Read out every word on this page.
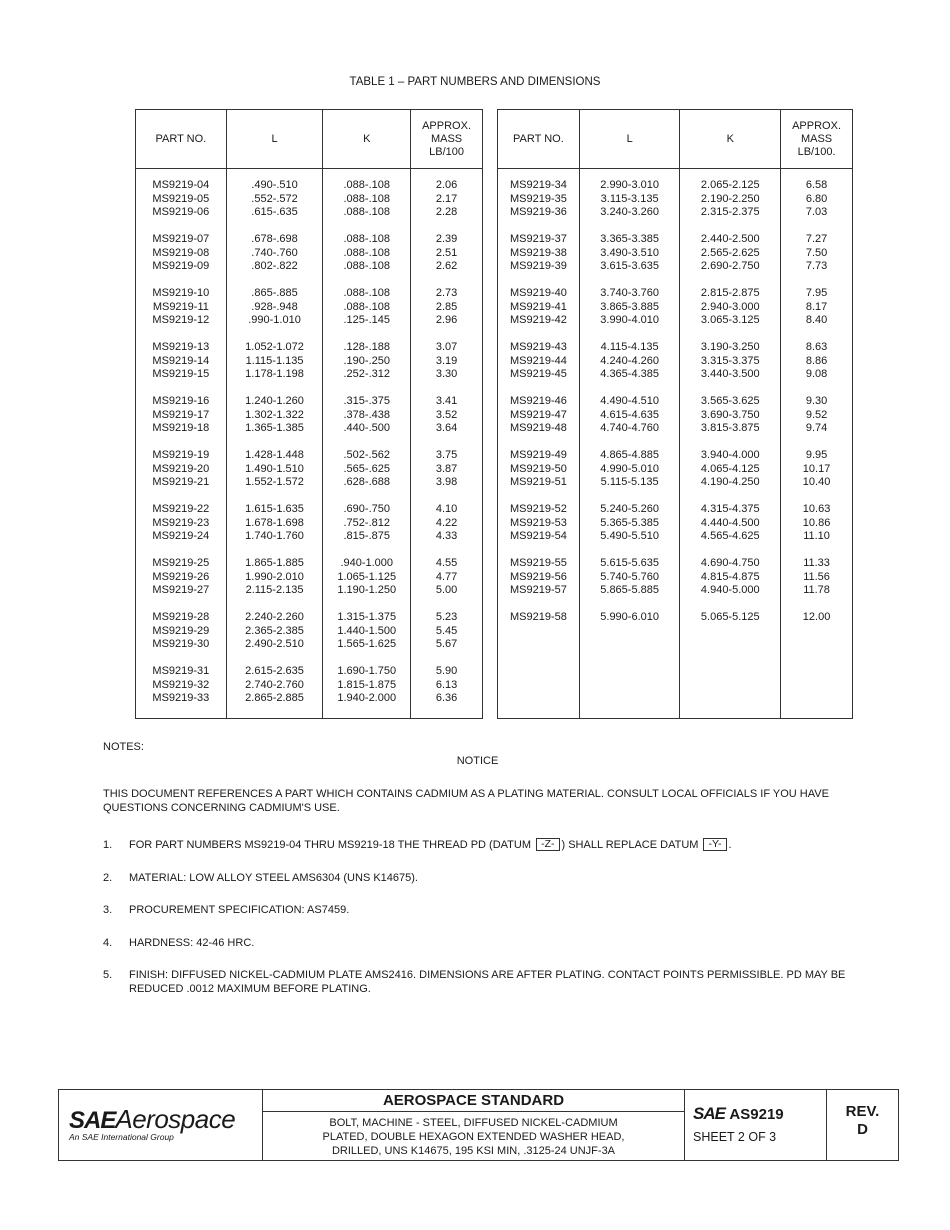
TABLE 1 – PART NUMBERS AND DIMENSIONS
PART NO.	L	K	APPROX.
MASS
LB/100

MS9219-04	.490-.510	.088-.108	2.06
MS9219-05	.552-.572	.088-.108	2.17
MS9219-06	.615-.635	.088-.108	2.28

MS9219-07	.678-.698	.088-.108	2.39
MS9219-08	.740-.760	.088-.108	2.51
MS9219-09	.802-.822	.088-.108	2.62

MS9219-10	.865-.885	.088-.108	2.73
MS9219-11	.928-.948	.088-.108	2.85
MS9219-12	.990-1.010	.125-.145	2.96

MS9219-13	1.052-1.072	.128-.188	3.07
MS9219-14	1.115-1.135	.190-.250	3.19
MS9219-15	1.178-1.198	.252-.312	3.30

MS9219-16	1.240-1.260	.315-.375	3.41
MS9219-17	1.302-1.322	.378-.438	3.52
MS9219-18	1.365-1.385	.440-.500	3.64

MS9219-19	1.428-1.448	.502-.562	3.75
MS9219-20	1.490-1.510	.565-.625	3.87
MS9219-21	1.552-1.572	.628-.688	3.98

MS9219-22	1.615-1.635	.690-.750	4.10
MS9219-23	1.678-1.698	.752-.812	4.22
MS9219-24	1.740-1.760	.815-.875	4.33

MS9219-25	1.865-1.885	.940-1.000	4.55
MS9219-26	1.990-2.010	1.065-1.125	4.77
MS9219-27	2.115-2.135	1.190-1.250	5.00

MS9219-28	2.240-2.260	1.315-1.375	5.23
MS9219-29	2.365-2.385	1.440-1.500	5.45
MS9219-30	2.490-2.510	1.565-1.625	5.67

MS9219-31	2.615-2.635	1.690-1.750	5.90
MS9219-32	2.740-2.760	1.815-1.875	6.13
MS9219-33	2.865-2.885	1.940-2.000	6.36

PART NO.	L	K	APPROX.
MASS
LB/100.

MS9219-34	2.990-3.010	2.065-2.125	6.58
MS9219-35	3.115-3.135	2.190-2.250	6.80
MS9219-36	3.240-3.260	2.315-2.375	7.03

MS9219-37	3.365-3.385	2.440-2.500	7.27
MS9219-38	3.490-3.510	2.565-2.625	7.50
MS9219-39	3.615-3.635	2.690-2.750	7.73

MS9219-40	3.740-3.760	2.815-2.875	7.95
MS9219-41	3.865-3.885	2.940-3.000	8.17
MS9219-42	3.990-4.010	3.065-3.125	8.40

MS9219-43	4.115-4.135	3.190-3.250	8.63
MS9219-44	4.240-4.260	3.315-3.375	8.86
MS9219-45	4.365-4.385	3.440-3.500	9.08

MS9219-46	4.490-4.510	3.565-3.625	9.30
MS9219-47	4.615-4.635	3.690-3.750	9.52
MS9219-48	4.740-4.760	3.815-3.875	9.74

MS9219-49	4.865-4.885	3.940-4.000	9.95
MS9219-50	4.990-5.010	4.065-4.125	10.17
MS9219-51	5.115-5.135	4.190-4.250	10.40

MS9219-52	5.240-5.260	4.315-4.375	10.63
MS9219-53	5.365-5.385	4.440-4.500	10.86
MS9219-54	5.490-5.510	4.565-4.625	11.10

MS9219-55	5.615-5.635	4.690-4.750	11.33
MS9219-56	5.740-5.760	4.815-4.875	11.56
MS9219-57	5.865-5.885	4.940-5.000	11.78

MS9219-58	5.990-6.010	5.065-5.125	12.00

NOTES:
NOTICE
THIS DOCUMENT REFERENCES A PART WHICH CONTAINS CADMIUM AS A PLATING MATERIAL. CONSULT LOCAL OFFICIALS IF YOU HAVE QUESTIONS CONCERNING CADMIUM'S USE.
1. FOR PART NUMBERS MS9219-04 THRU MS9219-18 THE THREAD PD (DATUM -Z- ) SHALL REPLACE DATUM -Y- .
2. MATERIAL: LOW ALLOY STEEL AMS6304 (UNS K14675).
3. PROCUREMENT SPECIFICATION: AS7459.
4. HARDNESS: 42-46 HRC.
5. FINISH: DIFFUSED NICKEL-CADMIUM PLATE AMS2416. DIMENSIONS ARE AFTER PLATING. CONTACT POINTS PERMISSIBLE. PD MAY BE REDUCED .0012 MAXIMUM BEFORE PLATING.
SAEAerospace
An SAE International Group
AEROSPACE STANDARD
BOLT, MACHINE - STEEL, DIFFUSED NICKEL-CADMIUM
PLATED, DOUBLE HEXAGON EXTENDED WASHER HEAD,
DRILLED, UNS K14675, 195 KSI MIN, .3125-24 UNJF-3A
SAE AS9219
SHEET 2 OF 3
REV.
D
